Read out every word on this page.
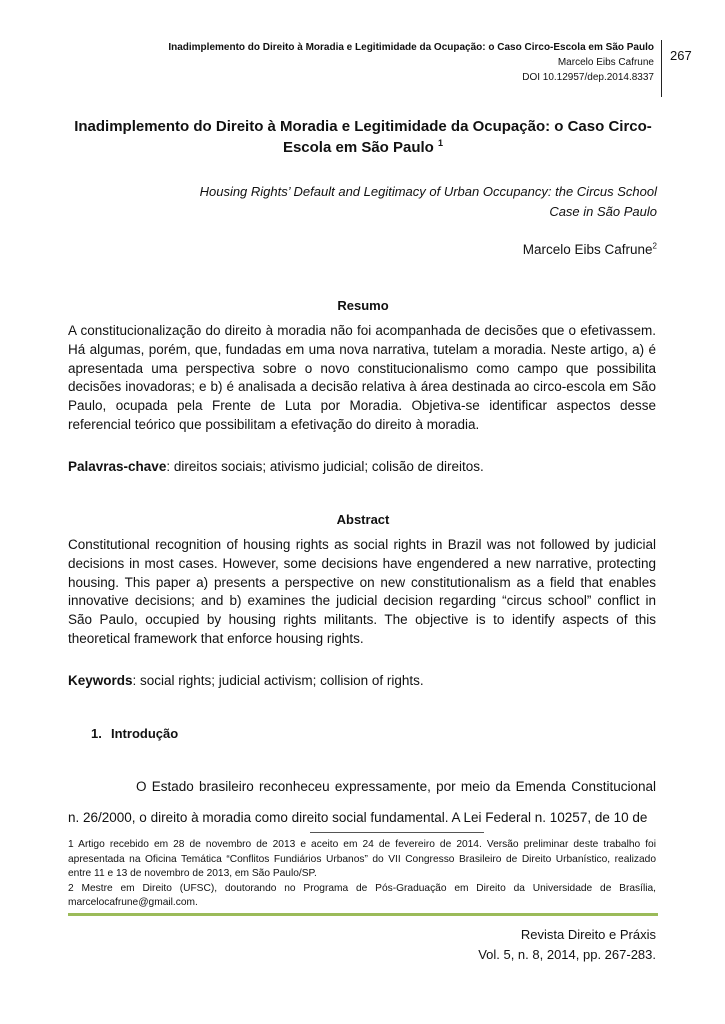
Inadimplemento do Direito à Moradia e Legitimidade da Ocupação: o Caso Circo-Escola em São Paulo
Marcelo Eibs Cafrune
DOI 10.12957/dep.2014.8337
267
Inadimplemento do Direito à Moradia e Legitimidade da Ocupação: o Caso Circo-Escola em São Paulo $^1$
Housing Rights’ Default and Legitimacy of Urban Occupancy: the Circus School Case in São Paulo
Marcelo Eibs Cafrune$^2$
Resumo

A constitucionalização do direito à moradia não foi acompanhada de decisões que o efetivassem. Há algumas, porém, que, fundadas em uma nova narrativa, tutelam a moradia. Neste artigo, a) é apresentada uma perspectiva sobre o novo constitucionalismo como campo que possibilita decisões inovadoras; e b) é analisada a decisão relativa à área destinada ao circo-escola em São Paulo, ocupada pela Frente de Luta por Moradia. Objetiva-se identificar aspectos desse referencial teórico que possibilitam a efetivação do direito à moradia.

Palavras-chave: direitos sociais; ativismo judicial; colisão de direitos.

Abstract

Constitutional recognition of housing rights as social rights in Brazil was not followed by judicial decisions in most cases. However, some decisions have engendered a new narrative, protecting housing. This paper a) presents a perspective on new constitutionalism as a field that enables innovative decisions; and b) examines the judicial decision regarding “circus school” conflict in São Paulo, occupied by housing rights militants. The objective is to identify aspects of this theoretical framework that enforce housing rights.

Keywords: social rights; judicial activism; collision of rights.

1. Introdução

O Estado brasileiro reconheceu expressamente, por meio da Emenda Constitucional n. 26/2000, o direito à moradia como direito social fundamental. A Lei Federal n. 10257, de 10 de

1 Artigo recebido em 28 de novembro de 2013 e aceito em 24 de fevereiro de 2014. Versão preliminar deste trabalho foi apresentada na Oficina Temática “Conflitos Fundiários Urbanos” do VII Congresso Brasileiro de Direito Urbanístico, realizado entre 11 e 13 de novembro de 2013, em São Paulo/SP.

2 Mestre em Direito (UFSC), doutorando no Programa de Pós-Graduação em Direito da Universidade de Brasília, marcelocafrune@gmail.com.

Revista Direito e Práxis
Vol. 5, n. 8, 2014, pp. 267-283.
